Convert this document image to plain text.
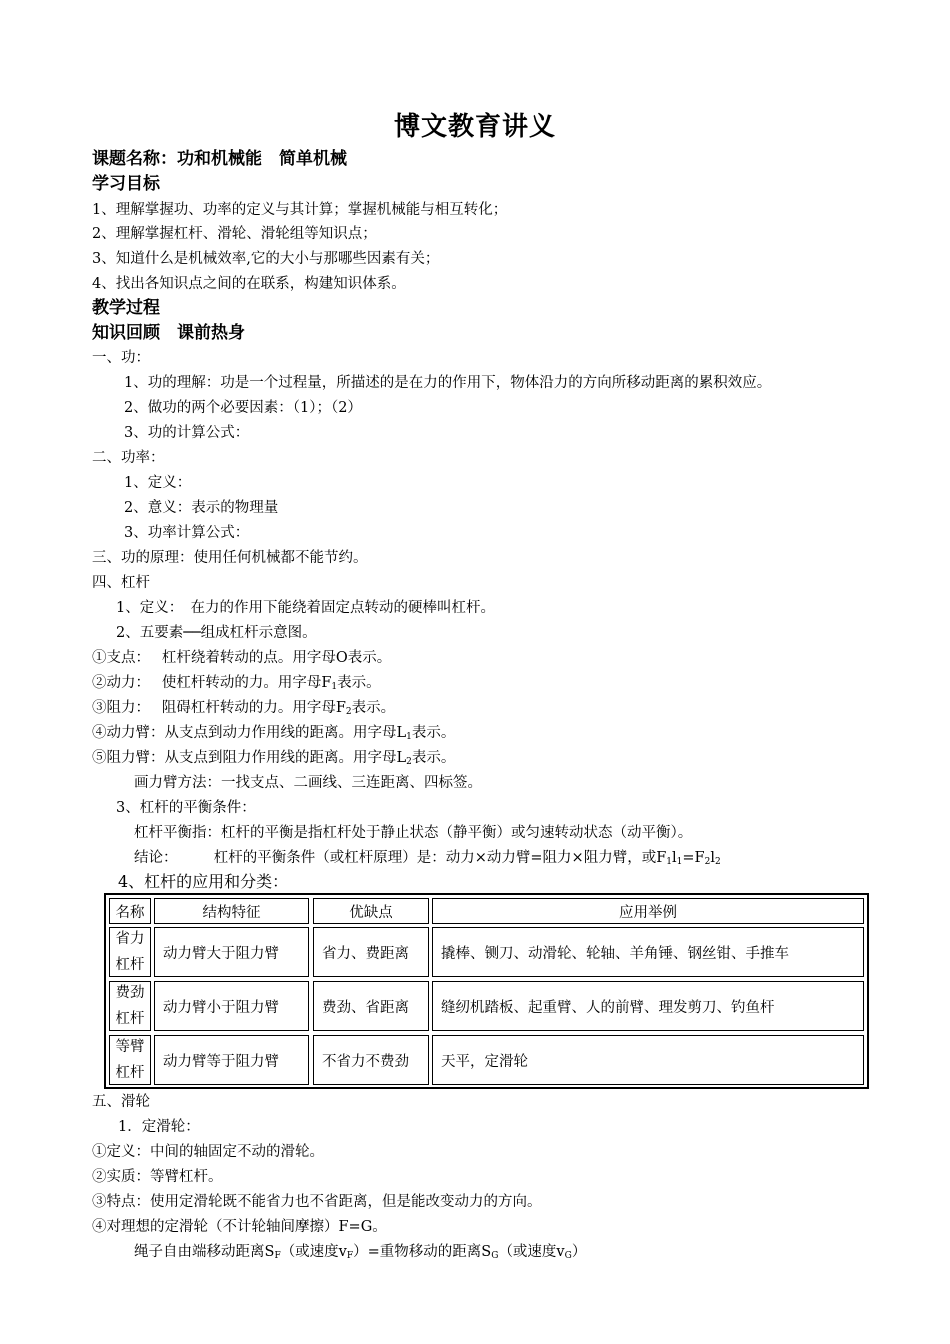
博文教育讲义
课题名称：功和机械能　简单机械
学习目标
1、理解掌握功、功率的定义与其计算；掌握机械能与相互转化；
2、理解掌握杠杆、滑轮、滑轮组等知识点；
3、知道什么是机械效率,它的大小与那哪些因素有关；
4、找出各知识点之间的在联系，构建知识体系。
教学过程
知识回顾　课前热身
一、功：
1、功的理解：功是一个过程量，所描述的是在力的作用下，物体沿力的方向所移动距离的累积效应。
2、做功的两个必要因素：（1）；（2）
3、功的计算公式：
二、功率：
1、定义：
2、意义：表示的物理量
3、功率计算公式：
三、功的原理：使用任何机械都不能节约。
四、杠杆
1、定义：　在力的作用下能绕着固定点转动的硬棒叫杠杆。
2、五要素──组成杠杆示意图。
①支点：　 杠杆绕着转动的点。用字母O表示。
②动力：　 使杠杆转动的力。用字母$F_1$表示。
③阻力：　 阻碍杠杆转动的力。用字母$F_2$表示。
④动力臂：从支点到动力作用线的距离。用字母$L_1$表示。
⑤阻力臂：从支点到阻力作用线的距离。用字母$L_2$表示。
画力臂方法：一找支点、二画线、三连距离、四标签。
3、杠杆的平衡条件：
杠杆平衡指：杠杆的平衡是指杠杆处于静止状态（静平衡）或匀速转动状态（动平衡）。
结论：　　　杠杆的平衡条件（或杠杆原理）是：动力×动力臂=阻力×阻力臂，或$F_1l_1=F_2l_2$
4、杠杆的应用和分类：
名称	结构特征	优缺点	应用举例
省力
杠杆
动力臂大于阻力臂	省力、费距离	撬棒、铡刀、动滑轮、轮轴、羊角锤、钢丝钳、手推车
费劲
杠杆
动力臂小于阻力臂	费劲、省距离	缝纫机踏板、起重臂、人的前臂、理发剪刀、钓鱼杆
等臂
杠杆
动力臂等于阻力臂	不省力不费劲	天平，定滑轮
五、滑轮
1．定滑轮：
①定义：中间的轴固定不动的滑轮。
②实质：等臂杠杆。
③特点：使用定滑轮既不能省力也不省距离，但是能改变动力的方向。
④对理想的定滑轮（不计轮轴间摩擦）F=G。
绳子自由端移动距离$S_F$（或速度$v_F)=$重物移动的距离$S_G$（或速度$v_G$）
